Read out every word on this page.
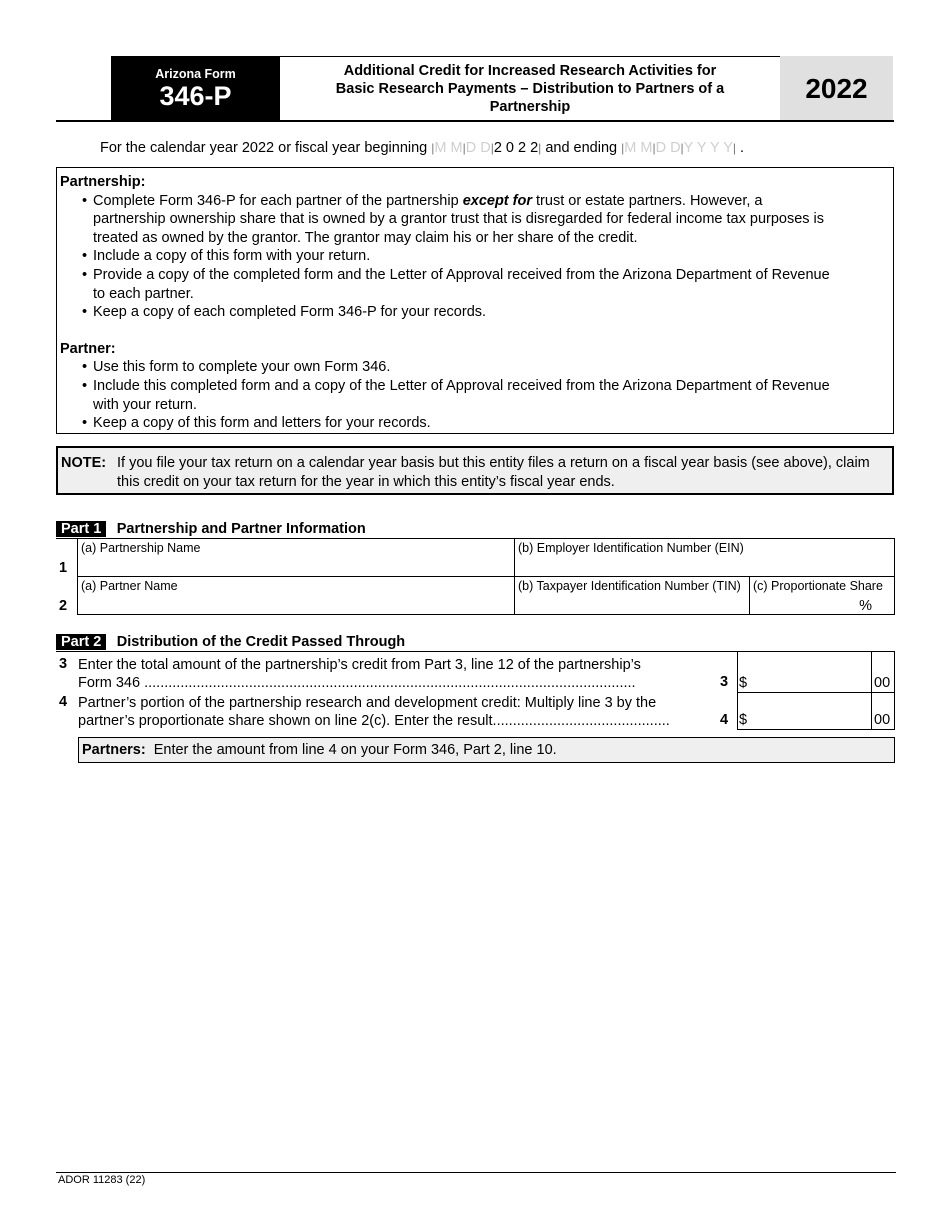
Arizona Form
346-P
Additional Credit for Increased Research Activities for
Basic Research Payments – Distribution to Partners of a
Partnership
2022
For the calendar year 2022 or fiscal year beginning |M M|D D|2 0 2 2| and ending |M M|D D|Y Y Y Y| .
Partnership:
• Complete Form 346-P for each partner of the partnership except for trust or estate partners. However, a partnership ownership share that is owned by a grantor trust that is disregarded for federal income tax purposes is treated as owned by the grantor. The grantor may claim his or her share of the credit.
• Include a copy of this form with your return.
• Provide a copy of the completed form and the Letter of Approval received from the Arizona Department of Revenue to each partner.
• Keep a copy of each completed Form 346-P for your records.
Partner:
• Use this form to complete your own Form 346.
• Include this completed form and a copy of the Letter of Approval received from the Arizona Department of Revenue with your return.
• Keep a copy of this form and letters for your records.
NOTE: If you file your tax return on a calendar year basis but this entity files a return on a fiscal year basis (see above), claim this credit on your tax return for the year in which this entity’s fiscal year ends.
Part 1 Partnership and Partner Information
1
(a) Partnership Name	(b) Employer Identification Number (EIN)
2
(a) Partner Name	(b) Taxpayer Identification Number (TIN) (c) Proportionate Share
%
Part 2 Distribution of the Credit Passed Through
3 Enter the total amount of the partnership’s credit from Part 3, line 12 of the partnership’s
Form 346 ..........................................................................................................................	3 $	00
4 Partner’s portion of the partnership research and development credit: Multiply line 3 by the
partner’s proportionate share shown on line 2(c). Enter the result............................................	4 $	00
Partners: Enter the amount from line 4 on your Form 346, Part 2, line 10.
ADOR 11283 (22)
